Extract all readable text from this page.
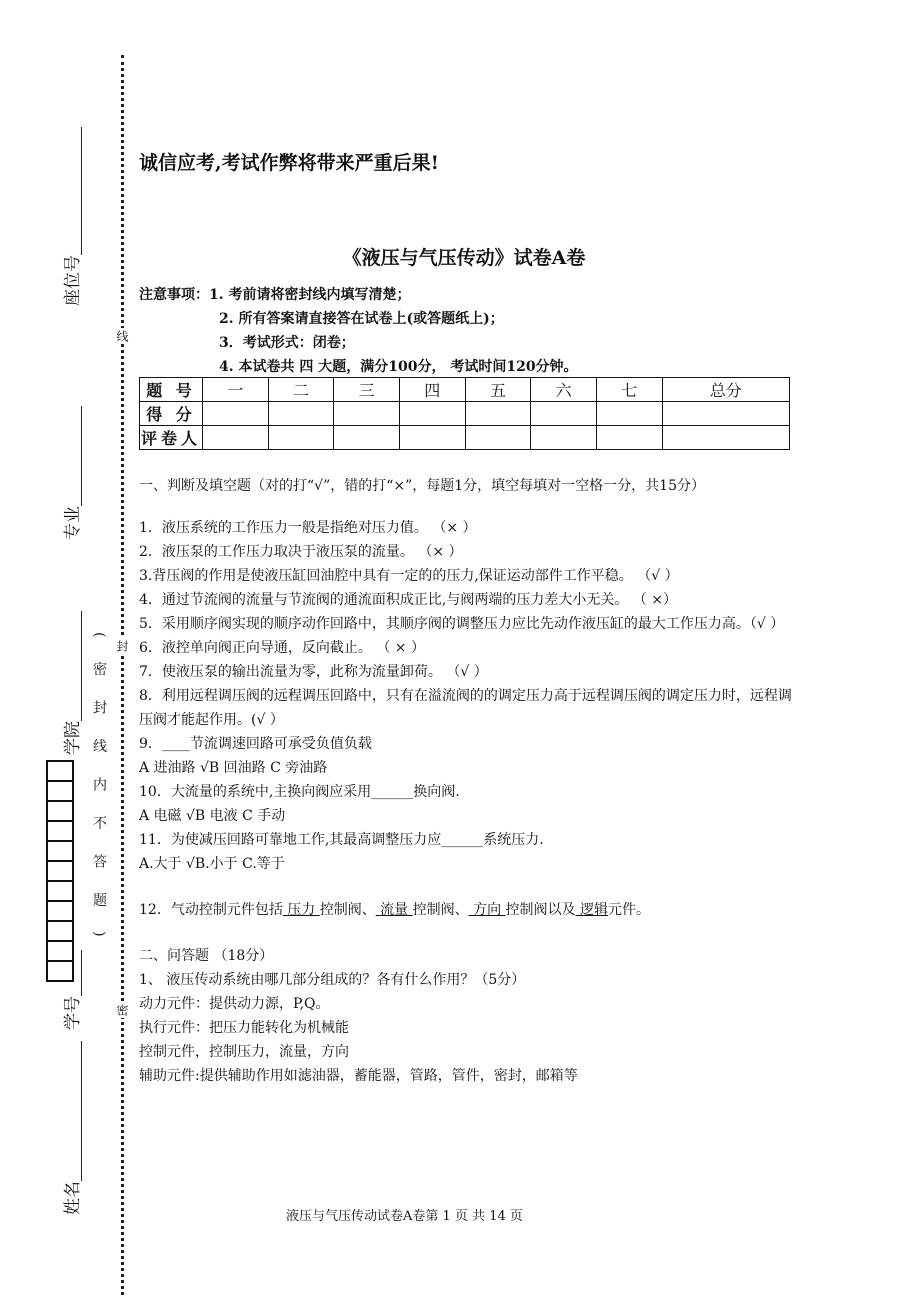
座位号
专业
学院
学号
姓名
( 密 封 线 内 不 答 题 )
线
封
密
诚信应考,考试作弊将带来严重后果!
《液压与气压传动》试卷A卷
注意事项：1. 考前请将密封线内填写清楚；
2. 所有答案请直接答在试卷上(或答题纸上)；
3．考试形式：闭卷；
4. 本试卷共 四 大题，满分100分， 考试时间120分钟。
题 号	一	二	三	四	五	六	七	总分
得 分								
评卷人								

一、判断及填空题（对的打“√”，错的打“×”，每题1分，填空每填对一空格一分，共15分）

1．液压系统的工作压力一般是指绝对压力值。 （× ）

2．液压泵的工作压力取决于液压泵的流量。 （× ）

3.背压阀的作用是使液压缸回油腔中具有一定的的压力,保证运动部件工作平稳。 （√ ）

4．通过节流阀的流量与节流阀的通流面积成正比,与阀两端的压力差大小无关。 （ ×）

5．采用顺序阀实现的顺序动作回路中，其顺序阀的调整压力应比先动作液压缸的最大工作压力高。（√ ）

6．液控单向阀正向导通，反向截止。 （ × ）

7．使液压泵的输出流量为零，此称为流量卸荷。 （√ ）

8．利用远程调压阀的远程调压回路中，只有在溢流阀的的调定压力高于远程调压阀的调定压力时，远程调压阀才能起作用。(√ ）

9．____节流调速回路可承受负值负载

A 进油路 √B 回油路 C 旁油路

10．大流量的系统中,主换向阀应采用______换向阀.

A 电磁 √B 电液 C 手动

11．为使减压回路可靠地工作,其最高调整压力应______系统压力.

A.大于 √B.小于 C.等于

12．气动控制元件包括 压力 控制阀、 流量 控制阀、 方向 控制阀以及 逻辑元件。

二、问答题 （18分）

1、 液压传动系统由哪几部分组成的？各有什么作用？（5分）

动力元件：提供动力源，P,Q。

执行元件：把压力能转化为机械能

控制元件，控制压力，流量，方向

辅助元件:提供辅助作用如滤油器，蓄能器，管路，管件，密封，邮箱等

液压与气压传动试卷A卷第 1 页 共 14 页
